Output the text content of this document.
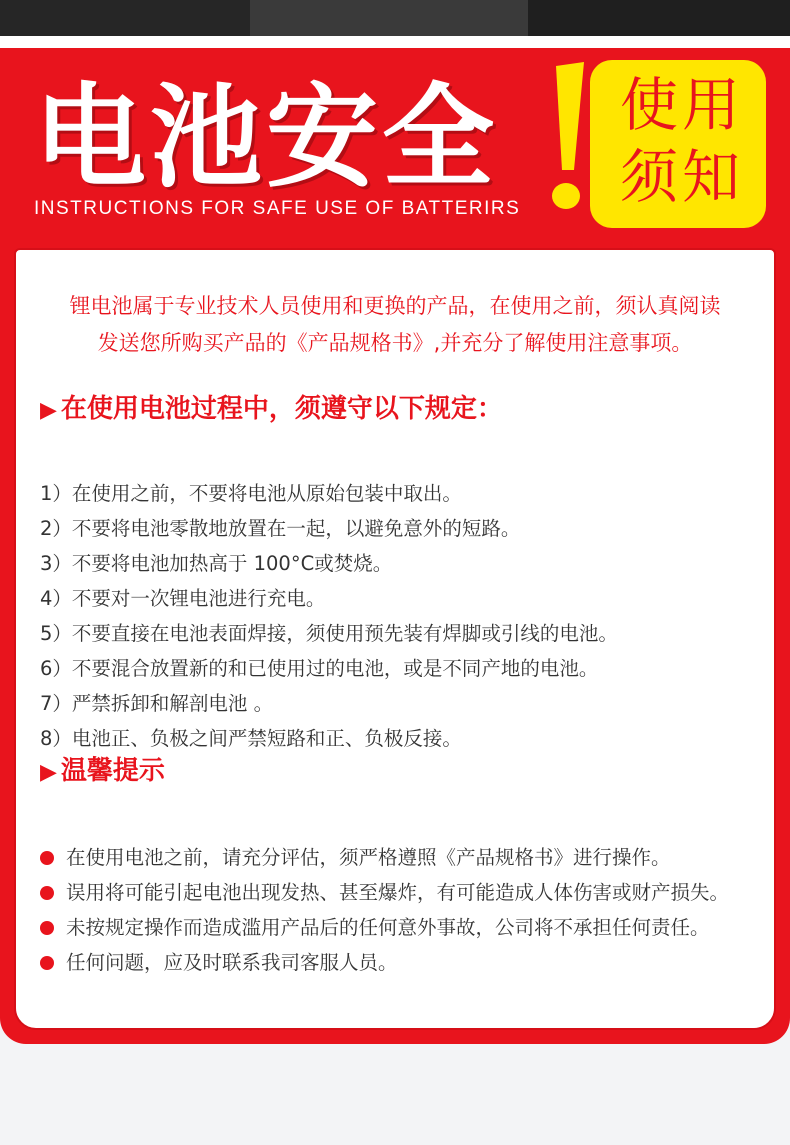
电池安全
INSTRUCTIONS FOR SAFE USE OF BATTERIRS
使用
须知
锂电池属于专业技术人员使用和更换的产品，在使用之前，须认真阅读
发送您所购买产品的《产品规格书》,并充分了解使用注意事项。
▶ 在使用电池过程中，须遵守以下规定：
1）在使用之前，不要将电池从原始包装中取出。
2）不要将电池零散地放置在一起，以避免意外的短路。
3）不要将电池加热高于 100°C或焚烧。
4）不要对一次锂电池进行充电。
5）不要直接在电池表面焊接，须使用预先装有焊脚或引线的电池。
6）不要混合放置新的和已使用过的电池，或是不同产地的电池。
7）严禁拆卸和解剖电池 。
8）电池正、负极之间严禁短路和正、负极反接。
▶ 温馨提示
在使用电池之前，请充分评估，须严格遵照《产品规格书》进行操作。
误用将可能引起电池出现发热、甚至爆炸，有可能造成人体伤害或财产损失。
未按规定操作而造成滥用产品后的任何意外事故，公司将不承担任何责任。
任何问题，应及时联系我司客服人员。
